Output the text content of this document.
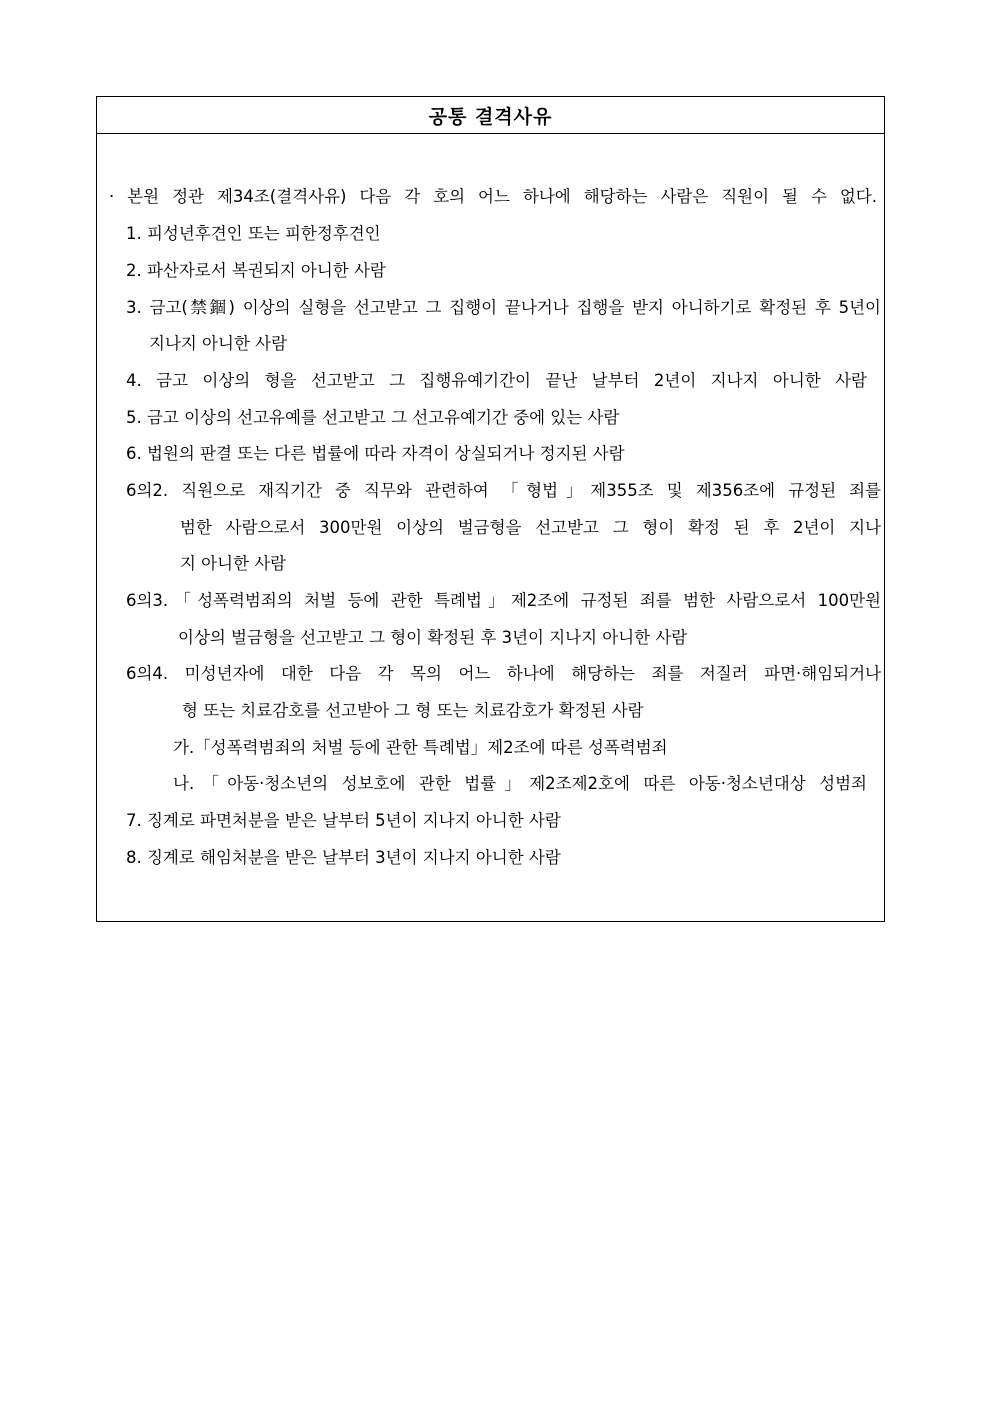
공통 결격사유
· 본원 정관 제34조(결격사유) 다음 각 호의 어느 하나에 해당하는 사람은 직원이 될 수 없다.
1. 피성년후견인 또는 피한정후견인
2. 파산자로서 복권되지 아니한 사람
3. 금고(禁錮) 이상의 실형을 선고받고 그 집행이 끝나거나 집행을 받지 아니하기로 확정된 후 5년이
지나지 아니한 사람
4. 금고 이상의 형을 선고받고 그 집행유예기간이 끝난 날부터 2년이 지나지 아니한 사람
5. 금고 이상의 선고유예를 선고받고 그 선고유예기간 중에 있는 사람
6. 법원의 판결 또는 다른 법률에 따라 자격이 상실되거나 정지된 사람
6의2. 직원으로 재직기간 중 직무와 관련하여 「형법」제355조 및 제356조에 규정된 죄를
범한 사람으로서 300만원 이상의 벌금형을 선고받고 그 형이 확정 된 후 2년이 지나
지 아니한 사람
6의3.「성폭력범죄의 처벌 등에 관한 특례법」제2조에 규정된 죄를 범한 사람으로서 100만원
이상의 벌금형을 선고받고 그 형이 확정된 후 3년이 지나지 아니한 사람
6의4. 미성년자에 대한 다음 각 목의 어느 하나에 해당하는 죄를 저질러 파면·해임되거나
형 또는 치료감호를 선고받아 그 형 또는 치료감호가 확정된 사람
가.「성폭력범죄의 처벌 등에 관한 특례법」제2조에 따른 성폭력범죄
나.「아동·청소년의 성보호에 관한 법률」제2조제2호에 따른 아동·청소년대상 성범죄
7. 징계로 파면처분을 받은 날부터 5년이 지나지 아니한 사람
8. 징계로 해임처분을 받은 날부터 3년이 지나지 아니한 사람
